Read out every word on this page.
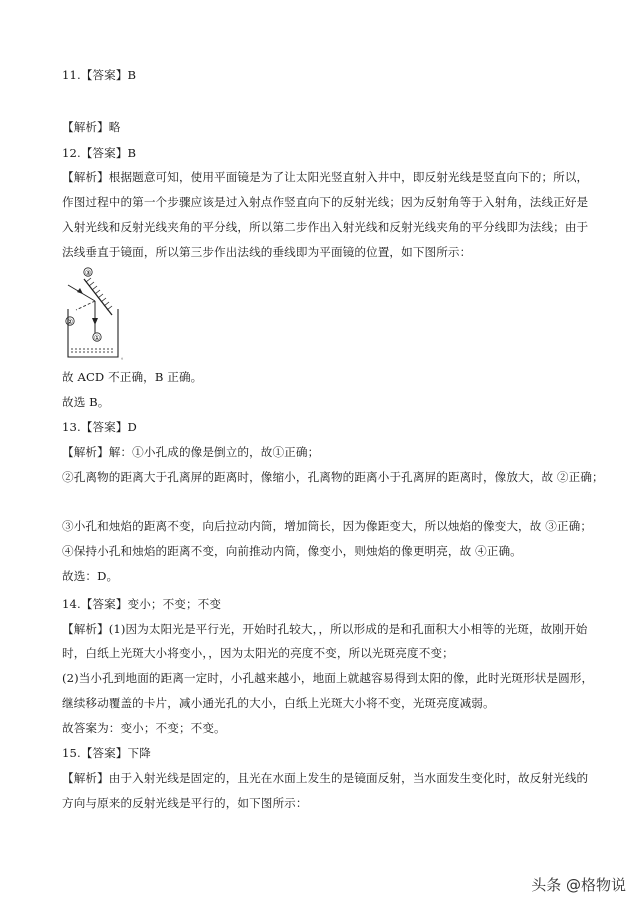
11.【答案】B
【解析】略
12.【答案】B
【解析】根据题意可知，使用平面镜是为了让太阳光竖直射入井中，即反射光线是竖直向下的；所以，
作图过程中的第一个步骤应该是过入射点作竖直向下的反射光线；因为反射角等于入射角，法线正好是
入射光线和反射光线夹角的平分线，所以第二步作出入射光线和反射光线夹角的平分线即为法线；由于
法线垂直于镜面，所以第三步作出法线的垂线即为平面镜的位置，如下图所示：
③
②
①
。
故 ACD 不正确，B 正确。
故选 B。
13.【答案】D
【解析】解：①小孔成的像是倒立的，故①正确；
②孔离物的距离大于孔离屏的距离时，像缩小，孔离物的距离小于孔离屏的距离时，像放大，故 ②正确；
③小孔和烛焰的距离不变，向后拉动内筒，增加筒长，因为像距变大，所以烛焰的像变大，故 ③正确；
④保持小孔和烛焰的距离不变，向前推动内筒，像变小，则烛焰的像更明亮，故 ④正确。
故选：D。
14.【答案】变小；不变；不变
【解析】(1)因为太阳光是平行光，开始时孔较大，，所以形成的是和孔面积大小相等的光斑，故刚开始
时，白纸上光斑大小将变小，，因为太阳光的亮度不变，所以光斑亮度不变；
(2)当小孔到地面的距离一定时，小孔越来越小，地面上就越容易得到太阳的像，此时光斑形状是圆形，
继续移动覆盖的卡片，减小通光孔的大小，白纸上光斑大小将不变，光斑亮度减弱。
故答案为：变小；不变；不变。
15.【答案】下降
【解析】由于入射光线是固定的，且光在水面上发生的是镜面反射，当水面发生变化时，故反射光线的
方向与原来的反射光线是平行的，如下图所示：
头条 @格物说
